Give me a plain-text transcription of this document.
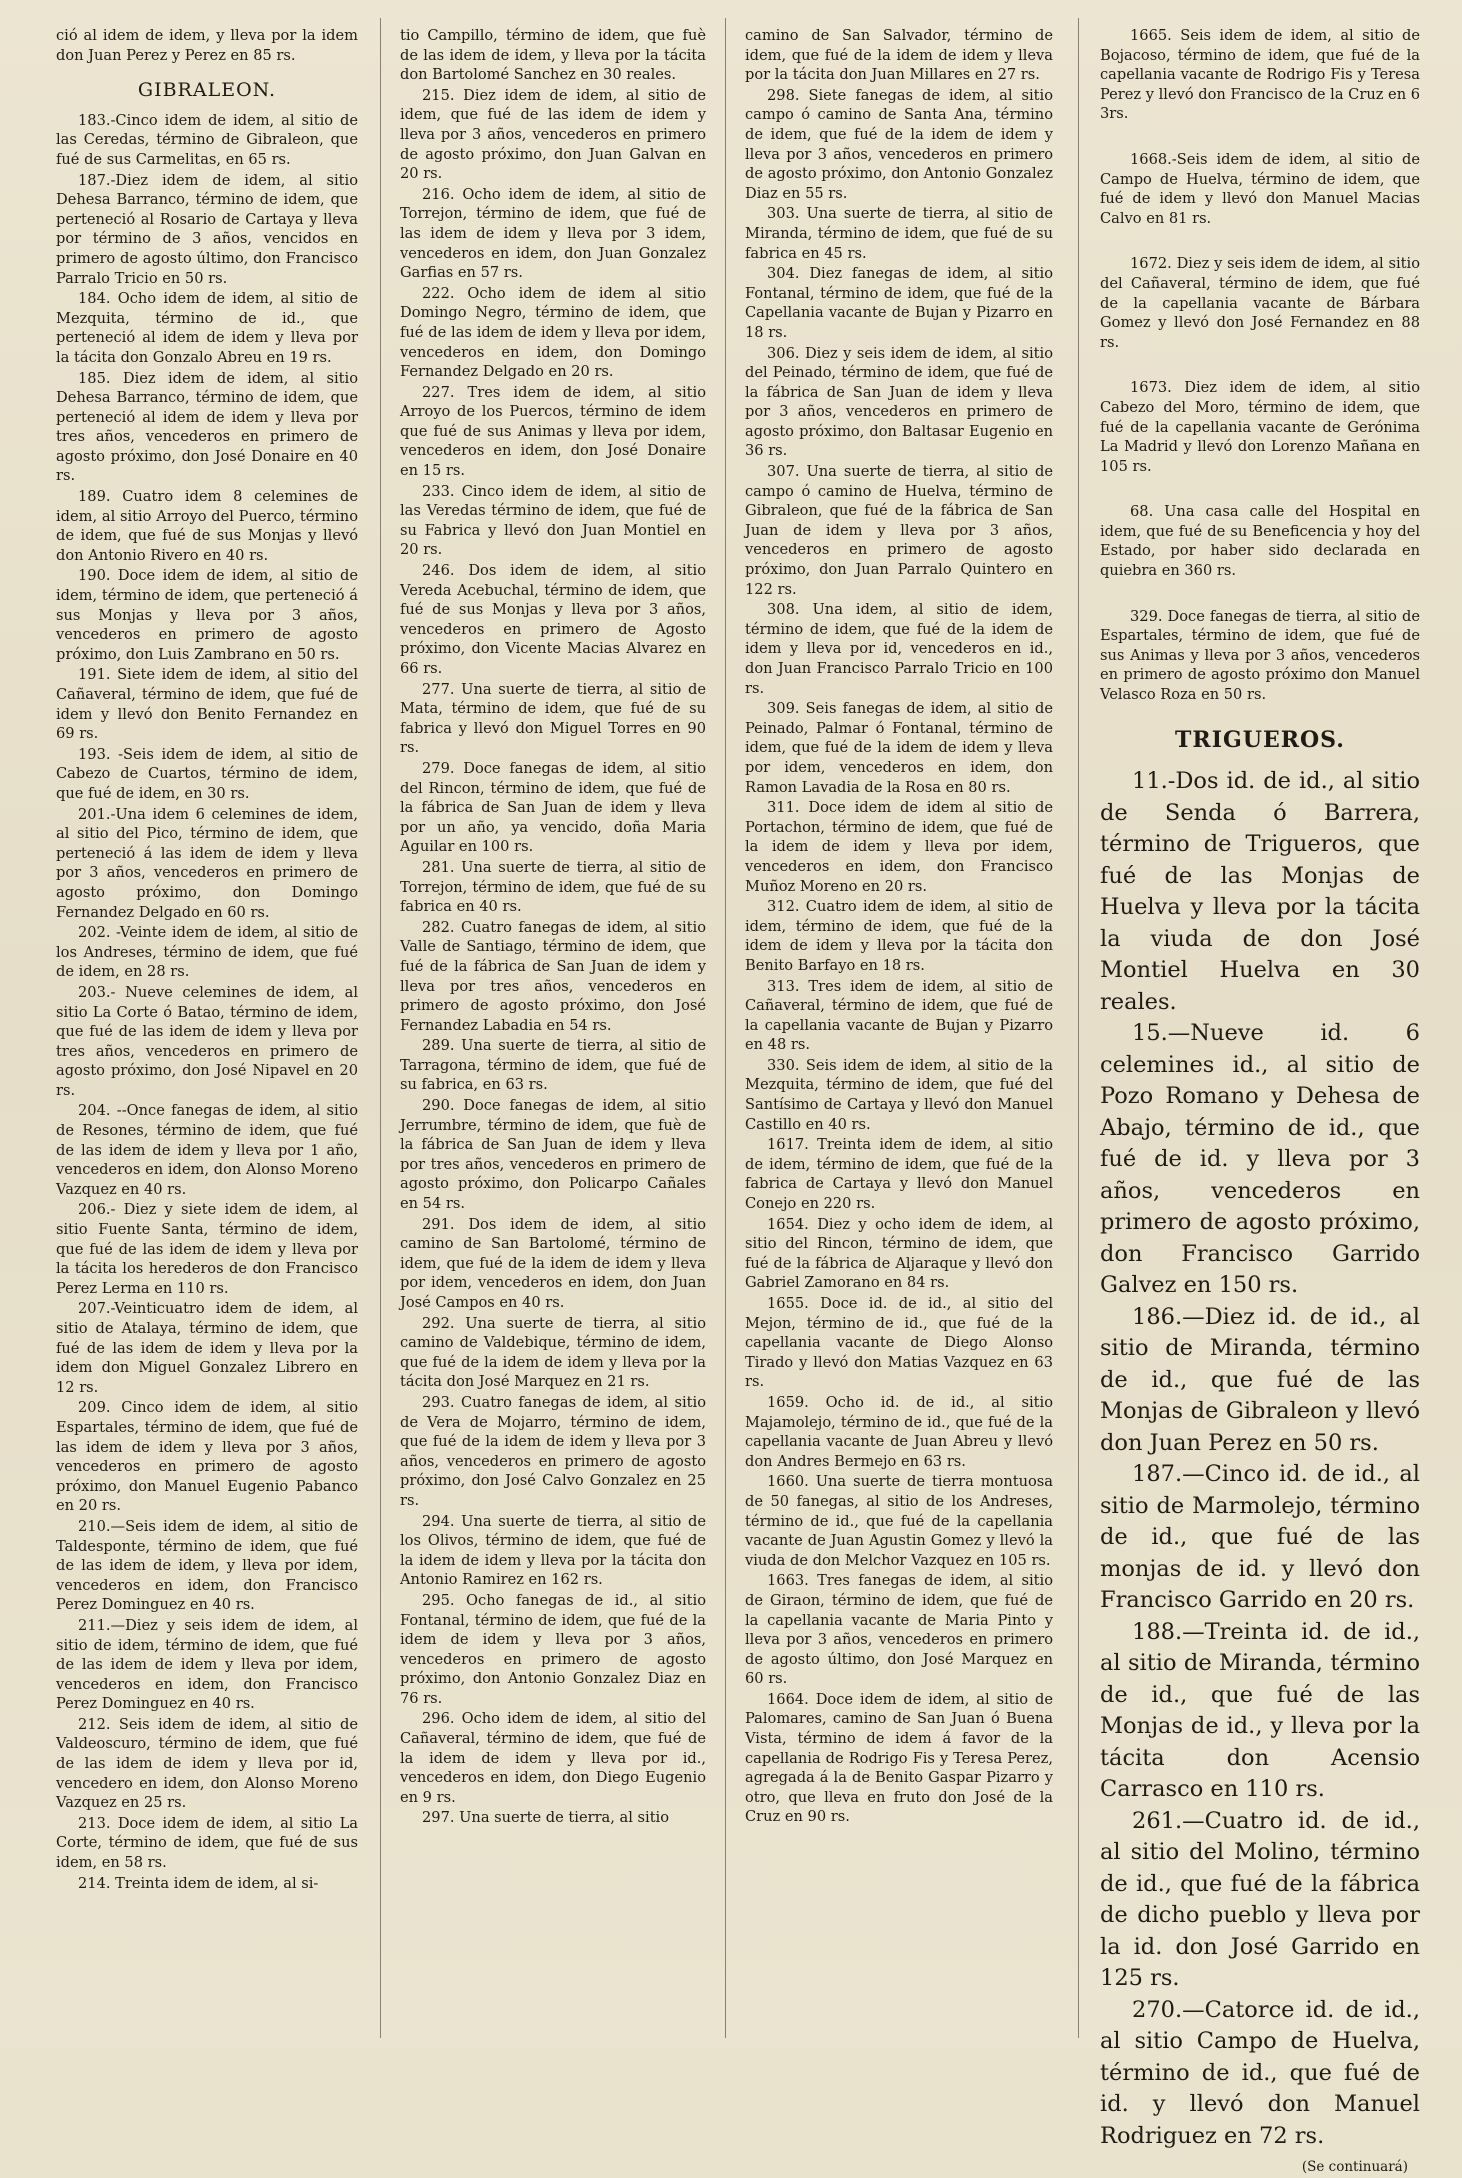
ció al idem de idem, y lleva por la idem don Juan Perez y Perez en 85 rs.

GIBRALEON.

183.-Cinco idem de idem, al sitio de las Ceredas, término de Gibraleon, que fué de sus Carmelitas, en 65 rs.

187.-Diez idem de idem, al sitio Dehesa Barranco, término de idem, que perteneció al Rosario de Cartaya y lleva por término de 3 años, vencidos en primero de agosto último, don Francisco Parralo Tricio en 50 rs.

184. Ocho idem de idem, al sitio de Mezquita, término de id., que perteneció al idem de idem y lleva por la tácita don Gonzalo Abreu en 19 rs.

185. Diez idem de idem, al sitio Dehesa Barranco, término de idem, que perteneció al idem de idem y lleva por tres años, vencederos en primero de agosto próximo, don José Donaire en 40 rs.

189. Cuatro idem 8 celemines de idem, al sitio Arroyo del Puerco, término de idem, que fué de sus Monjas y llevó don Antonio Rivero en 40 rs.

190. Doce idem de idem, al sitio de idem, término de idem, que perteneció á sus Monjas y lleva por 3 años, vencederos en primero de agosto próximo, don Luis Zambrano en 50 rs.

191. Siete idem de idem, al sitio del Cañaveral, término de idem, que fué de idem y llevó don Benito Fernandez en 69 rs.

193. -Seis idem de idem, al sitio de Cabezo de Cuartos, término de idem, que fué de idem, en 30 rs.

201.-Una idem 6 celemines de idem, al sitio del Pico, término de idem, que perteneció á las idem de idem y lleva por 3 años, vencederos en primero de agosto próximo, don Domingo Fernandez Delgado en 60 rs.

202. -Veinte idem de idem, al sitio de los Andreses, término de idem, que fué de idem, en 28 rs.

203.- Nueve celemines de idem, al sitio La Corte ó Batao, término de idem, que fué de las idem de idem y lleva por tres años, vencederos en primero de agosto próximo, don José Nipavel en 20 rs.

204. --Once fanegas de idem, al sitio de Resones, término de idem, que fué de las idem de idem y lleva por 1 año, vencederos en idem, don Alonso Moreno Vazquez en 40 rs.

206.- Diez y siete idem de idem, al sitio Fuente Santa, término de idem, que fué de las idem de idem y lleva por la tácita los herederos de don Francisco Perez Lerma en 110 rs.

207.-Veinticuatro idem de idem, al sitio de Atalaya, término de idem, que fué de las idem de idem y lleva por la idem don Miguel Gonzalez Librero en 12 rs.

209. Cinco idem de idem, al sitio Espartales, término de idem, que fué de las idem de idem y lleva por 3 años, vencederos en primero de agosto próximo, don Manuel Eugenio Pabanco en 20 rs.

210.—Seis idem de idem, al sitio de Taldesponte, término de idem, que fué de las idem de idem, y lleva por idem, vencederos en idem, don Francisco Perez Dominguez en 40 rs.

211.—Diez y seis idem de idem, al sitio de idem, término de idem, que fué de las idem de idem y lleva por idem, vencederos en idem, don Francisco Perez Dominguez en 40 rs.

212. Seis idem de idem, al sitio de Valdeoscuro, término de idem, que fué de las idem de idem y lleva por id, vencedero en idem, don Alonso Moreno Vazquez en 25 rs.

213. Doce idem de idem, al sitio La Corte, término de idem, que fué de sus idem, en 58 rs.

214. Treinta idem de idem, al si-

tio Campillo, término de idem, que fuè de las idem de idem, y lleva por la tácita don Bartolomé Sanchez en 30 reales.

215. Diez idem de idem, al sitio de idem, que fué de las idem de idem y lleva por 3 años, vencederos en primero de agosto próximo, don Juan Galvan en 20 rs.

216. Ocho idem de idem, al sitio de Torrejon, término de idem, que fué de las idem de idem y lleva por 3 idem, vencederos en idem, don Juan Gonzalez Garfias en 57 rs.

222. Ocho idem de idem al sitio Domingo Negro, término de idem, que fué de las idem de idem y lleva por idem, vencederos en idem, don Domingo Fernandez Delgado en 20 rs.

227. Tres idem de idem, al sitio Arroyo de los Puercos, término de idem que fué de sus Animas y lleva por idem, vencederos en idem, don José Donaire en 15 rs.

233. Cinco idem de idem, al sitio de las Veredas término de idem, que fué de su Fabrica y llevó don Juan Montiel en 20 rs.

246. Dos idem de idem, al sitio Vereda Acebuchal, término de idem, que fué de sus Monjas y lleva por 3 años, vencederos en primero de Agosto próximo, don Vicente Macias Alvarez en 66 rs.

277. Una suerte de tierra, al sitio de Mata, término de idem, que fué de su fabrica y llevó don Miguel Torres en 90 rs.

279. Doce fanegas de idem, al sitio del Rincon, término de idem, que fué de la fábrica de San Juan de idem y lleva por un año, ya vencido, doña Maria Aguilar en 100 rs.

281. Una suerte de tierra, al sitio de Torrejon, término de idem, que fué de su fabrica en 40 rs.

282. Cuatro fanegas de idem, al sitio Valle de Santiago, término de idem, que fué de la fábrica de San Juan de idem y lleva por tres años, vencederos en primero de agosto próximo, don José Fernandez Labadia en 54 rs.

289. Una suerte de tierra, al sitio de Tarragona, término de idem, que fué de su fabrica, en 63 rs.

290. Doce fanegas de idem, al sitio Jerrumbre, término de idem, que fuè de la fábrica de San Juan de idem y lleva por tres años, vencederos en primero de agosto próximo, don Policarpo Cañales en 54 rs.

291. Dos idem de idem, al sitio camino de San Bartolomé, término de idem, que fué de la idem de idem y lleva por idem, vencederos en idem, don Juan José Campos en 40 rs.

292. Una suerte de tierra, al sitio camino de Valdebique, término de idem, que fué de la idem de idem y lleva por la tácita don José Marquez en 21 rs.

293. Cuatro fanegas de idem, al sitio de Vera de Mojarro, término de idem, que fué de la idem de idem y lleva por 3 años, vencederos en primero de agosto próximo, don José Calvo Gonzalez en 25 rs.

294. Una suerte de tierra, al sitio de los Olivos, término de idem, que fué de la idem de idem y lleva por la tácita don Antonio Ramirez en 162 rs.

295. Ocho fanegas de id., al sitio Fontanal, término de idem, que fué de la idem de idem y lleva por 3 años, vencederos en primero de agosto próximo, don Antonio Gonzalez Diaz en 76 rs.

296. Ocho idem de idem, al sitio del Cañaveral, término de idem, que fué de la idem de idem y lleva por id., vencederos en idem, don Diego Eugenio en 9 rs.

297. Una suerte de tierra, al sitio

camino de San Salvador, término de idem, que fué de la idem de idem y lleva por la tácita don Juan Millares en 27 rs.

298. Siete fanegas de idem, al sitio campo ó camino de Santa Ana, término de idem, que fué de la idem de idem y lleva por 3 años, vencederos en primero de agosto próximo, don Antonio Gonzalez Diaz en 55 rs.

303. Una suerte de tierra, al sitio de Miranda, término de idem, que fué de su fabrica en 45 rs.

304. Diez fanegas de idem, al sitio Fontanal, término de idem, que fué de la Capellania vacante de Bujan y Pizarro en 18 rs.

306. Diez y seis idem de idem, al sitio del Peinado, término de idem, que fué de la fábrica de San Juan de idem y lleva por 3 años, vencederos en primero de agosto próximo, don Baltasar Eugenio en 36 rs.

307. Una suerte de tierra, al sitio de campo ó camino de Huelva, término de Gibraleon, que fué de la fábrica de San Juan de idem y lleva por 3 años, vencederos en primero de agosto próximo, don Juan Parralo Quintero en 122 rs.

308. Una idem, al sitio de idem, término de idem, que fué de la idem de idem y lleva por id, vencederos en id., don Juan Francisco Parralo Tricio en 100 rs.

309. Seis fanegas de idem, al sitio de Peinado, Palmar ó Fontanal, término de idem, que fué de la idem de idem y lleva por idem, vencederos en idem, don Ramon Lavadia de la Rosa en 80 rs.

311. Doce idem de idem al sitio de Portachon, término de idem, que fué de la idem de idem y lleva por idem, vencederos en idem, don Francisco Muñoz Moreno en 20 rs.

312. Cuatro idem de idem, al sitio de idem, término de idem, que fué de la idem de idem y lleva por la tácita don Benito Barfayo en 18 rs.

313. Tres idem de idem, al sitio de Cañaveral, término de idem, que fué de la capellania vacante de Bujan y Pizarro en 48 rs.

330. Seis idem de idem, al sitio de la Mezquita, término de idem, que fué del Santísimo de Cartaya y llevó don Manuel Castillo en 40 rs.

1617. Treinta idem de idem, al sitio de idem, término de idem, que fué de la fabrica de Cartaya y llevó don Manuel Conejo en 220 rs.

1654. Diez y ocho idem de idem, al sitio del Rincon, término de idem, que fué de la fábrica de Aljaraque y llevó don Gabriel Zamorano en 84 rs.

1655. Doce id. de id., al sitio del Mejon, término de id., que fué de la capellania vacante de Diego Alonso Tirado y llevó don Matias Vazquez en 63 rs.

1659. Ocho id. de id., al sitio Majamolejo, término de id., que fué de la capellania vacante de Juan Abreu y llevó don Andres Bermejo en 63 rs.

1660. Una suerte de tierra montuosa de 50 fanegas, al sitio de los Andreses, término de id., que fué de la capellania vacante de Juan Agustin Gomez y llevó la viuda de don Melchor Vazquez en 105 rs.

1663. Tres fanegas de idem, al sitio de Giraon, término de idem, que fué de la capellania vacante de Maria Pinto y lleva por 3 años, vencederos en primero de agosto último, don José Marquez en 60 rs.

1664. Doce idem de idem, al sitio de Palomares, camino de San Juan ó Buena Vista, término de idem á favor de la capellania de Rodrigo Fis y Teresa Perez, agregada á la de Benito Gaspar Pizarro y otro, que lleva en fruto don José de la Cruz en 90 rs.

1665. Seis idem de idem, al sitio de Bojacoso, término de idem, que fué de la capellania vacante de Rodrigo Fis y Teresa Perez y llevó don Francisco de la Cruz en 6 3rs.

1668.-Seis idem de idem, al sitio de Campo de Huelva, término de idem, que fué de idem y llevó don Manuel Macias Calvo en 81 rs.

1672. Diez y seis idem de idem, al sitio del Cañaveral, término de idem, que fué de la capellania vacante de Bárbara Gomez y llevó don José Fernandez en 88 rs.

1673. Diez idem de idem, al sitio Cabezo del Moro, término de idem, que fué de la capellania vacante de Gerónima La Madrid y llevó don Lorenzo Mañana en 105 rs.

68. Una casa calle del Hospital en idem, que fué de su Beneficencia y hoy del Estado, por haber sido declarada en quiebra en 360 rs.

329. Doce fanegas de tierra, al sitio de Espartales, término de idem, que fué de sus Animas y lleva por 3 años, vencederos en primero de agosto próximo don Manuel Velasco Roza en 50 rs.

TRIGUEROS.

11.-Dos id. de id., al sitio de Senda ó Barrera, término de Trigueros, que fué de las Monjas de Huelva y lleva por la tácita la viuda de don José Montiel Huelva en 30 reales.

15.—Nueve id. 6 celemines id., al sitio de Pozo Romano y Dehesa de Abajo, término de id., que fué de id. y lleva por 3 años, vencederos en primero de agosto próximo, don Francisco Garrido Galvez en 150 rs.

186.—Diez id. de id., al sitio de Miranda, término de id., que fué de las Monjas de Gibraleon y llevó don Juan Perez en 50 rs.

187.—Cinco id. de id., al sitio de Marmolejo, término de id., que fué de las monjas de id. y llevó don Francisco Garrido en 20 rs.

188.—Treinta id. de id., al sitio de Miranda, término de id., que fué de las Monjas de id., y lleva por la tácita don Acensio Carrasco en 110 rs.

261.—Cuatro id. de id., al sitio del Molino, término de id., que fué de la fábrica de dicho pueblo y lleva por la id. don José Garrido en 125 rs.

270.—Catorce id. de id., al sitio Campo de Huelva, término de id., que fué de id. y llevó don Manuel Rodriguez en 72 rs.

(Se continuará)
